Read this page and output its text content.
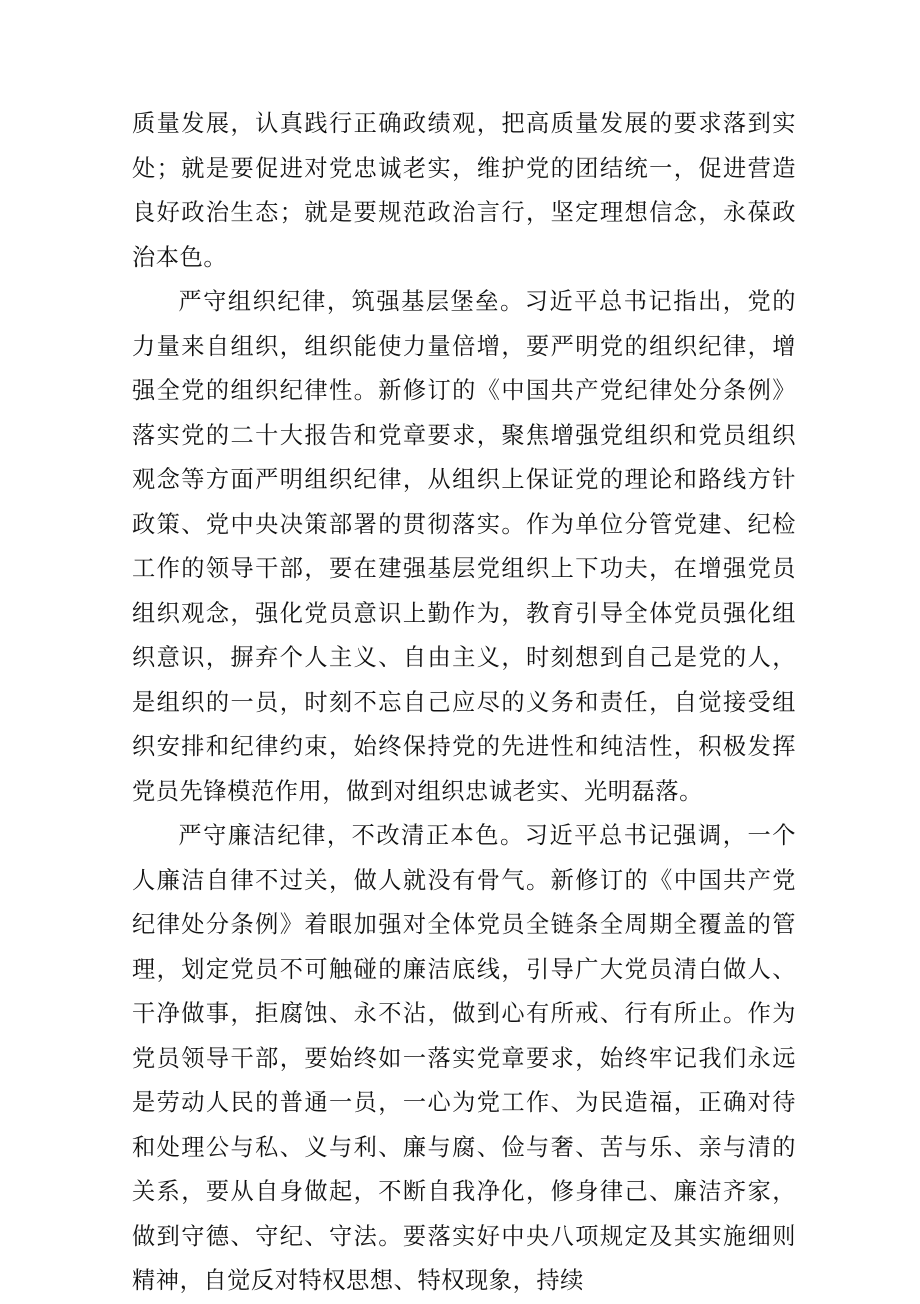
质量发展，认真践行正确政绩观，把高质量发展的要求落到实处；就是要促进对党忠诚老实，维护党的团结统一，促进营造良好政治生态；就是要规范政治言行，坚定理想信念，永葆政治本色。

严守组织纪律，筑强基层堡垒。习近平总书记指出，党的力量来自组织，组织能使力量倍增，要严明党的组织纪律，增强全党的组织纪律性。新修订的《中国共产党纪律处分条例》落实党的二十大报告和党章要求，聚焦增强党组织和党员组织观念等方面严明组织纪律，从组织上保证党的理论和路线方针政策、党中央决策部署的贯彻落实。作为单位分管党建、纪检工作的领导干部，要在建强基层党组织上下功夫，在增强党员组织观念，强化党员意识上勤作为，教育引导全体党员强化组织意识，摒弃个人主义、自由主义，时刻想到自己是党的人，是组织的一员，时刻不忘自己应尽的义务和责任，自觉接受组织安排和纪律约束，始终保持党的先进性和纯洁性，积极发挥党员先锋模范作用，做到对组织忠诚老实、光明磊落。

严守廉洁纪律，不改清正本色。习近平总书记强调，一个人廉洁自律不过关，做人就没有骨气。新修订的《中国共产党纪律处分条例》着眼加强对全体党员全链条全周期全覆盖的管理，划定党员不可触碰的廉洁底线，引导广大党员清白做人、干净做事，拒腐蚀、永不沾，做到心有所戒、行有所止。作为党员领导干部，要始终如一落实党章要求，始终牢记我们永远是劳动人民的普通一员，一心为党工作、为民造福，正确对待和处理公与私、义与利、廉与腐、俭与奢、苦与乐、亲与清的关系，要从自身做起，不断自我净化，修身律己、廉洁齐家，做到守德、守纪、守法。要落实好中央八项规定及其实施细则精神，自觉反对特权思想、特权现象，持续
